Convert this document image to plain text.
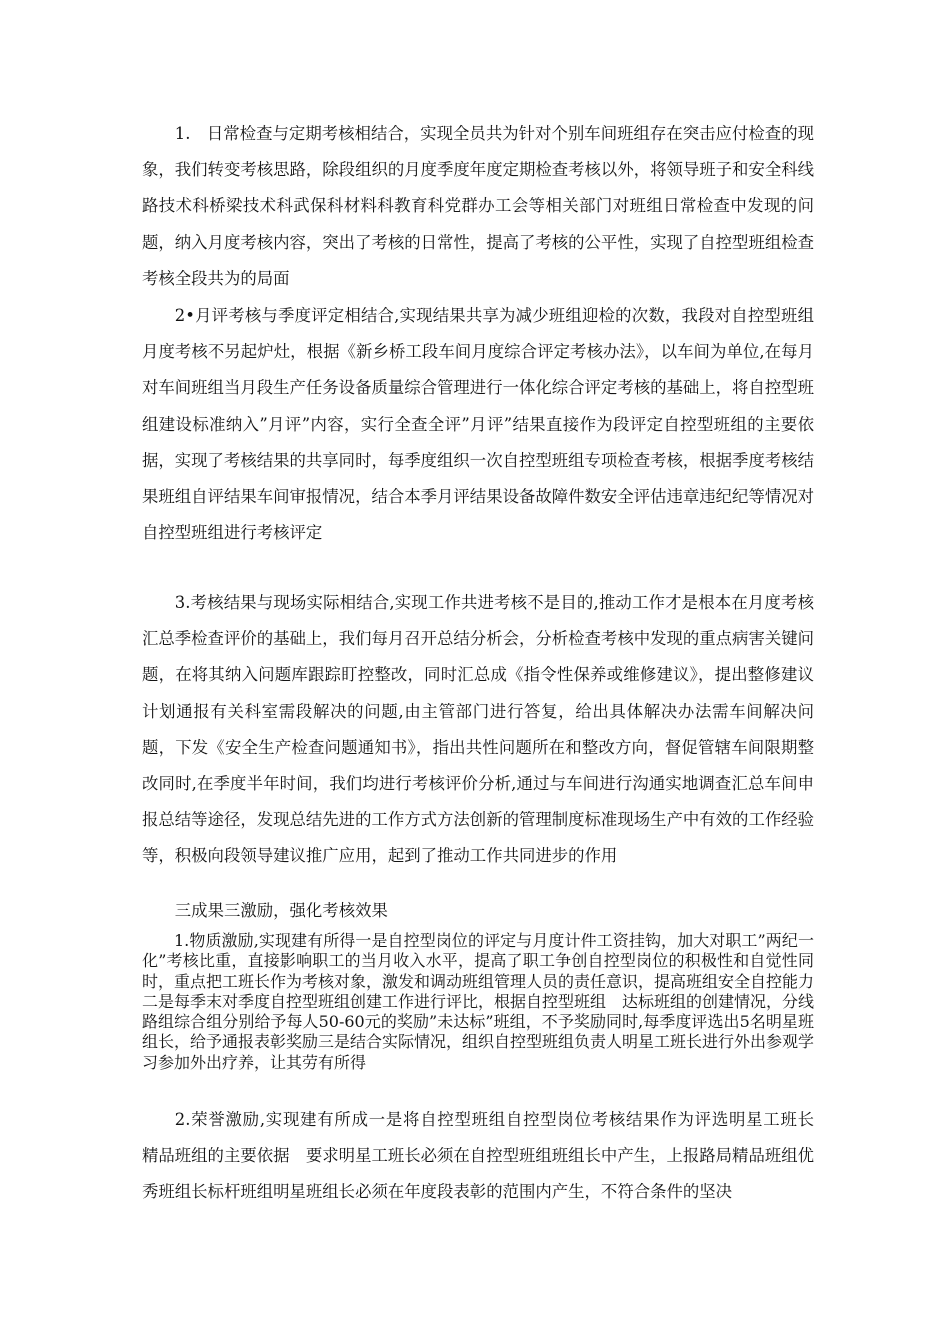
1.　日常检查与定期考核相结合，实现全员共为针对个别车间班组存在突击应付检查的现象，我们转变考核思路，除段组织的月度季度年度定期检查考核以外，将领导班子和安全科线路技术科桥梁技术科武保科材料科教育科党群办工会等相关部门对班组日常检查中发现的问题，纳入月度考核内容，突出了考核的日常性，提高了考核的公平性，实现了自控型班组检查考核全段共为的局面

2•月评考核与季度评定相结合,实现结果共享为减少班组迎检的次数，我段对自控型班组月度考核不另起炉灶，根据《新乡桥工段车间月度综合评定考核办法》，以车间为单位,在每月对车间班组当月段生产任务设备质量综合管理进行一体化综合评定考核的基础上，将自控型班组建设标准纳入”月评”内容，实行全查全评”月评”结果直接作为段评定自控型班组的主要依据，实现了考核结果的共享同时，每季度组织一次自控型班组专项检查考核，根据季度考核结果班组自评结果车间审报情况，结合本季月评结果设备故障件数安全评估违章违纪纪等情况对自控型班组进行考核评定

3.考核结果与现场实际相结合,实现工作共进考核不是目的,推动工作才是根本在月度考核汇总季检查评价的基础上，我们每月召开总结分析会，分析检查考核中发现的重点病害关键问题，在将其纳入问题库跟踪盯控整改，同时汇总成《指令性保养或维修建议》，提出整修建议计划通报有关科室需段解决的问题,由主管部门进行答复，给出具体解决办法需车间解决问题，下发《安全生产检查问题通知书》，指出共性问题所在和整改方向，督促管辖车间限期整改同时,在季度半年时间，我们均进行考核评价分析,通过与车间进行沟通实地调查汇总车间申报总结等途径，发现总结先进的工作方式方法创新的管理制度标准现场生产中有效的工作经验等，积极向段领导建议推广应用，起到了推动工作共同进步的作用

三成果三激励，强化考核效果

1.物质激励,实现建有所得一是自控型岗位的评定与月度计件工资挂钩，加大对职工”两纪一化”考核比重，直接影响职工的当月收入水平，提高了职工争创自控型岗位的积极性和自觉性同时，重点把工班长作为考核对象，激发和调动班组管理人员的责任意识，提高班组安全自控能力二是每季末对季度自控型班组创建工作进行评比，根据自控型班组　达标班组的创建情况，分线路组综合组分别给予每人50-60元的奖励”未达标”班组，不予奖励同时,每季度评选出5名明星班组长，给予通报表彰奖励三是结合实际情况，组织自控型班组负责人明星工班长进行外出参观学习参加外出疗养，让其劳有所得

2.荣誉激励,实现建有所成一是将自控型班组自控型岗位考核结果作为评选明星工班长　精品班组的主要依据　要求明星工班长必须在自控型班组班组长中产生，上报路局精品班组优秀班组长标杆班组明星班组长必须在年度段表彰的范围内产生，不符合条件的坚决
